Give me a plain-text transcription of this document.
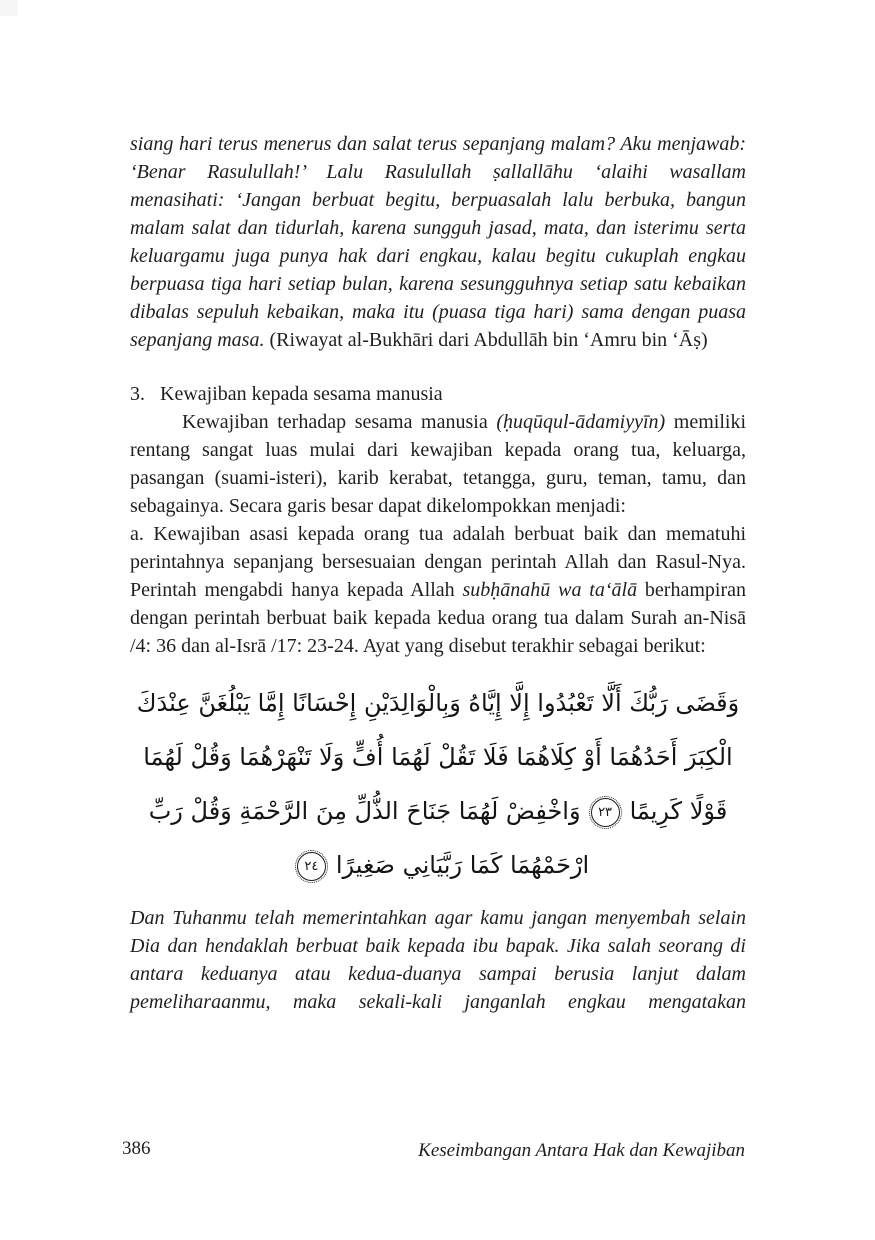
siang hari terus menerus dan salat terus sepanjang malam? Aku menjawab: ‘Benar Rasulullah!’ Lalu Rasulullah ṣallallāhu ‘alaihi wasallam menasihati: ‘Jangan berbuat begitu, berpuasalah lalu berbuka, bangun malam salat dan tidurlah, karena sungguh jasad, mata, dan isterimu serta keluargamu juga punya hak dari engkau, kalau begitu cukuplah engkau berpuasa tiga hari setiap bulan, karena sesungguhnya setiap satu kebaikan dibalas sepuluh kebaikan, maka itu (puasa tiga hari) sama dengan puasa sepanjang masa. (Riwayat al-Bukhāri dari Abdullāh bin ‘Amru bin ‘Āṣ)

3. Kewajiban kepada sesama manusia

Kewajiban terhadap sesama manusia (ḥuqūqul-ādamiyyīn) memiliki rentang sangat luas mulai dari kewajiban kepada orang tua, keluarga, pasangan (suami-isteri), karib kerabat, tetangga, guru, teman, tamu, dan sebagainya. Secara garis besar dapat dikelompokkan menjadi:

a. Kewajiban asasi kepada orang tua adalah berbuat baik dan mematuhi perintahnya sepanjang bersesuaian dengan perintah Allah dan Rasul-Nya. Perintah mengabdi hanya kepada Allah subḥānahū wa ta‘ālā berhampiran dengan perintah berbuat baik kepada kedua orang tua dalam Surah an-Nisā /4: 36 dan al-Isrā /17: 23-24. Ayat yang disebut terakhir sebagai berikut:

وَقَضَى رَبُّكَ أَلَّا تَعْبُدُوا إِلَّا إِيَّاهُ وَبِالْوَالِدَيْنِ إِحْسَانًا إِمَّا يَبْلُغَنَّ عِنْدَكَ
الْكِبَرَ أَحَدُهُمَا أَوْ كِلَاهُمَا فَلَا تَقُلْ لَهُمَا أُفٍّ وَلَا تَنْهَرْهُمَا وَقُلْ لَهُمَا
قَوْلًا كَرِيمًا
٢٣
وَاخْفِضْ لَهُمَا جَنَاحَ الذُّلِّ مِنَ الرَّحْمَةِ وَقُلْ رَبِّ
ارْحَمْهُمَا كَمَا رَبَّيَانِي صَغِيرًا
٢٤

Dan Tuhanmu telah memerintahkan agar kamu jangan menyembah selain Dia dan hendaklah berbuat baik kepada ibu bapak. Jika salah seorang di antara keduanya atau kedua-duanya sampai berusia lanjut dalam pemeliharaanmu, maka sekali-kali janganlah engkau mengatakan

386	Keseimbangan Antara Hak dan Kewajiban
